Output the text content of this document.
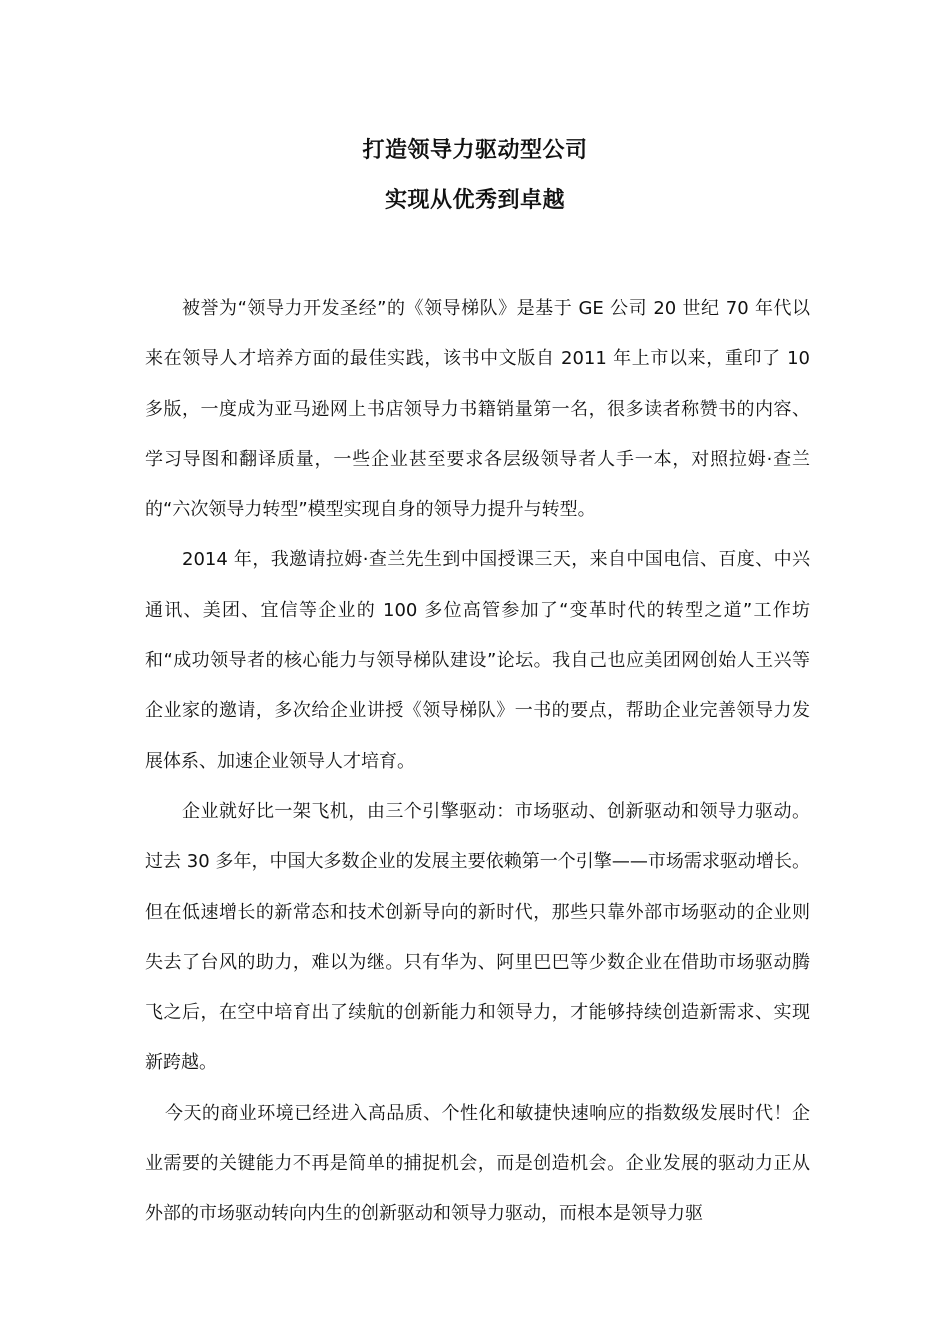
打造领导力驱动型公司
实现从优秀到卓越

被誉为“领导力开发圣经”的《领导梯队》是基于 GE 公司 20 世纪 70 年代以来在领导人才培养方面的最佳实践，该书中文版自 2011 年上市以来，重印了 10 多版，一度成为亚马逊网上书店领导力书籍销量第一名，很多读者称赞书的内容、学习导图和翻译质量，一些企业甚至要求各层级领导者人手一本，对照拉姆·查兰的“六次领导力转型”模型实现自身的领导力提升与转型。

2014 年，我邀请拉姆·查兰先生到中国授课三天，来自中国电信、百度、中兴通讯、美团、宜信等企业的 100 多位高管参加了“变革时代的转型之道”工作坊和“成功领导者的核心能力与领导梯队建设”论坛。我自己也应美团网创始人王兴等企业家的邀请，多次给企业讲授《领导梯队》一书的要点，帮助企业完善领导力发展体系、加速企业领导人才培育。

企业就好比一架飞机，由三个引擎驱动：市场驱动、创新驱动和领导力驱动。过去 30 多年，中国大多数企业的发展主要依赖第一个引擎——市场需求驱动增长。但在低速增长的新常态和技术创新导向的新时代，那些只靠外部市场驱动的企业则失去了台风的助力，难以为继。只有华为、阿里巴巴等少数企业在借助市场驱动腾飞之后，在空中培育出了续航的创新能力和领导力，才能够持续创造新需求、实现新跨越。

今天的商业环境已经进入高品质、个性化和敏捷快速响应的指数级发展时代！企业需要的关键能力不再是简单的捕捉机会，而是创造机会。企业发展的驱动力正从外部的市场驱动转向内生的创新驱动和领导力驱动，而根本是领导力驱
